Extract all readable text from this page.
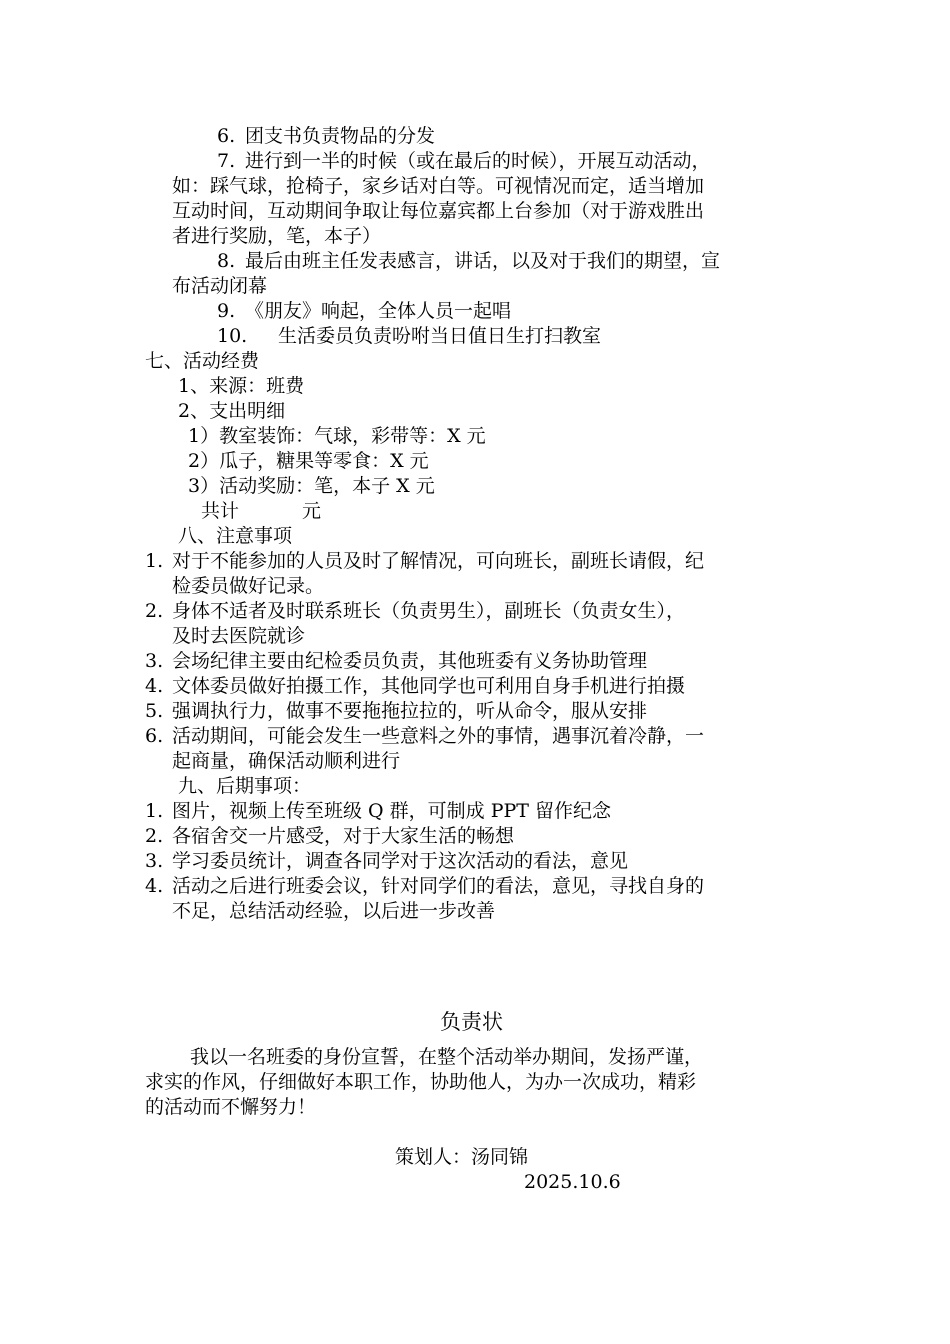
6. 团支书负责物品的分发
7. 进行到一半的时候（或在最后的时候），开展互动活动，
如：踩气球，抢椅子，家乡话对白等。可视情况而定，适当增加
互动时间，互动期间争取让每位嘉宾都上台参加（对于游戏胜出
者进行奖励，笔，本子）
8. 最后由班主任发表感言，讲话，以及对于我们的期望，宣
布活动闭幕
9. 《朋友》响起，全体人员一起唱
10. 生活委员负责吩咐当日值日生打扫教室
七、活动经费
1、来源：班费
2、支出明细
1）教室装饰：气球，彩带等：X 元
2）瓜子，糖果等零食：X 元
3）活动奖励：笔，本子 X 元
共计	元
八、注意事项
1. 对于不能参加的人员及时了解情况，可向班长，副班长请假，纪
检委员做好记录。
2. 身体不适者及时联系班长（负责男生），副班长（负责女生），
及时去医院就诊
3. 会场纪律主要由纪检委员负责，其他班委有义务协助管理
4. 文体委员做好拍摄工作，其他同学也可利用自身手机进行拍摄
5. 强调执行力，做事不要拖拖拉拉的，听从命令，服从安排
6. 活动期间，可能会发生一些意料之外的事情，遇事沉着冷静，一
起商量，确保活动顺利进行
九、后期事项：
1. 图片，视频上传至班级 Q 群，可制成 PPT 留作纪念
2. 各宿舍交一片感受，对于大家生活的畅想
3. 学习委员统计，调查各同学对于这次活动的看法，意见
4. 活动之后进行班委会议，针对同学们的看法，意见，寻找自身的
不足，总结活动经验，以后进一步改善
负责状
我以一名班委的身份宣誓，在整个活动举办期间，发扬严谨，
求实的作风，仔细做好本职工作，协助他人，为办一次成功，精彩
的活动而不懈努力！
策划人：汤同锦
2025.10.6
